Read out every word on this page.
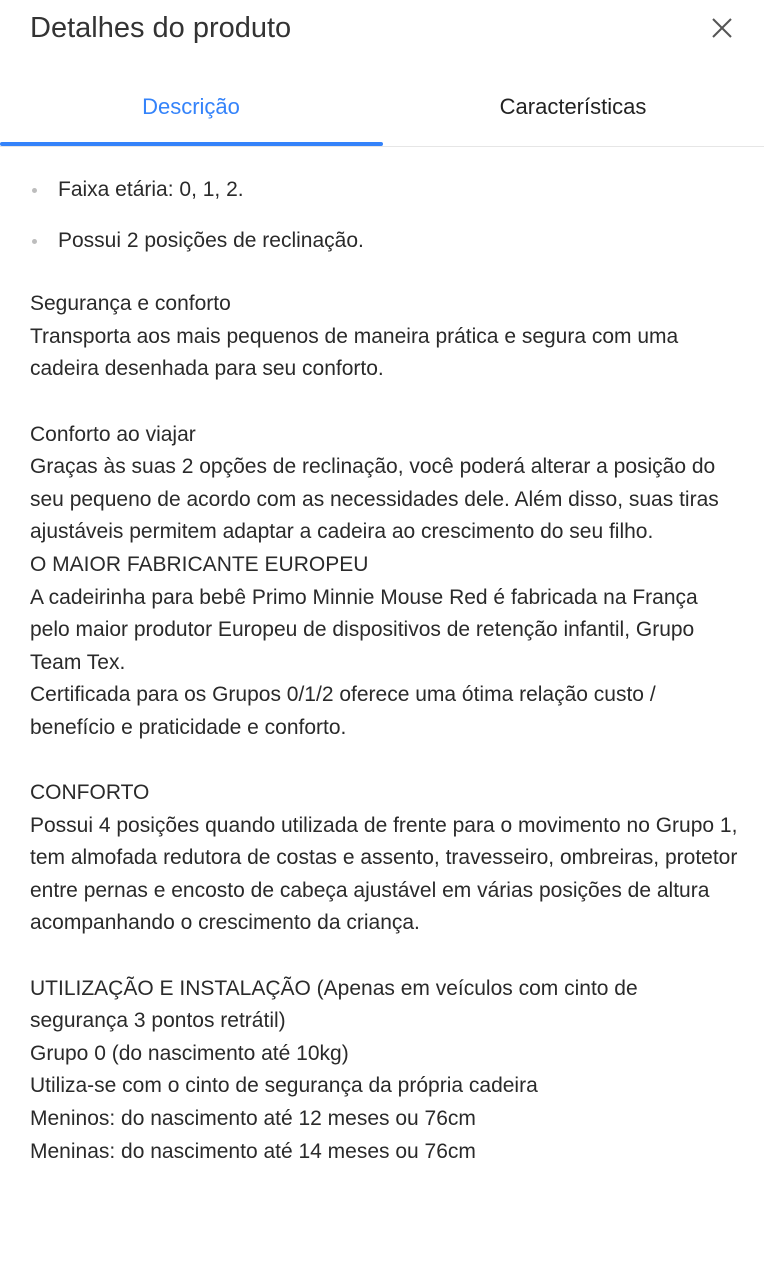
Detalhes do produto
Descrição	Características
Faixa etária: 0, 1, 2.
Possui 2 posições de reclinação.
Segurança e conforto
Transporta aos mais pequenos de maneira prática e segura com uma cadeira desenhada para seu conforto.

Conforto ao viajar
Graças às suas 2 opções de reclinação, você poderá alterar a posição do seu pequeno de acordo com as necessidades dele. Além disso, suas tiras ajustáveis permitem adaptar a cadeira ao crescimento do seu filho.
O MAIOR FABRICANTE EUROPEU
A cadeirinha para bebê Primo Minnie Mouse Red é fabricada na França pelo maior produtor Europeu de dispositivos de retenção infantil, Grupo Team Tex.
Certificada para os Grupos 0/1/2 oferece uma ótima relação custo / benefício e praticidade e conforto.

CONFORTO
Possui 4 posições quando utilizada de frente para o movimento no Grupo 1, tem almofada redutora de costas e assento, travesseiro, ombreiras, protetor entre pernas e encosto de cabeça ajustável em várias posições de altura acompanhando o crescimento da criança.

UTILIZAÇÃO E INSTALAÇÃO (Apenas em veículos com cinto de segurança 3 pontos retrátil)
Grupo 0 (do nascimento até 10kg)
Utiliza-se com o cinto de segurança da própria cadeira
Meninos: do nascimento até 12 meses ou 76cm
Meninas: do nascimento até 14 meses ou 76cm
